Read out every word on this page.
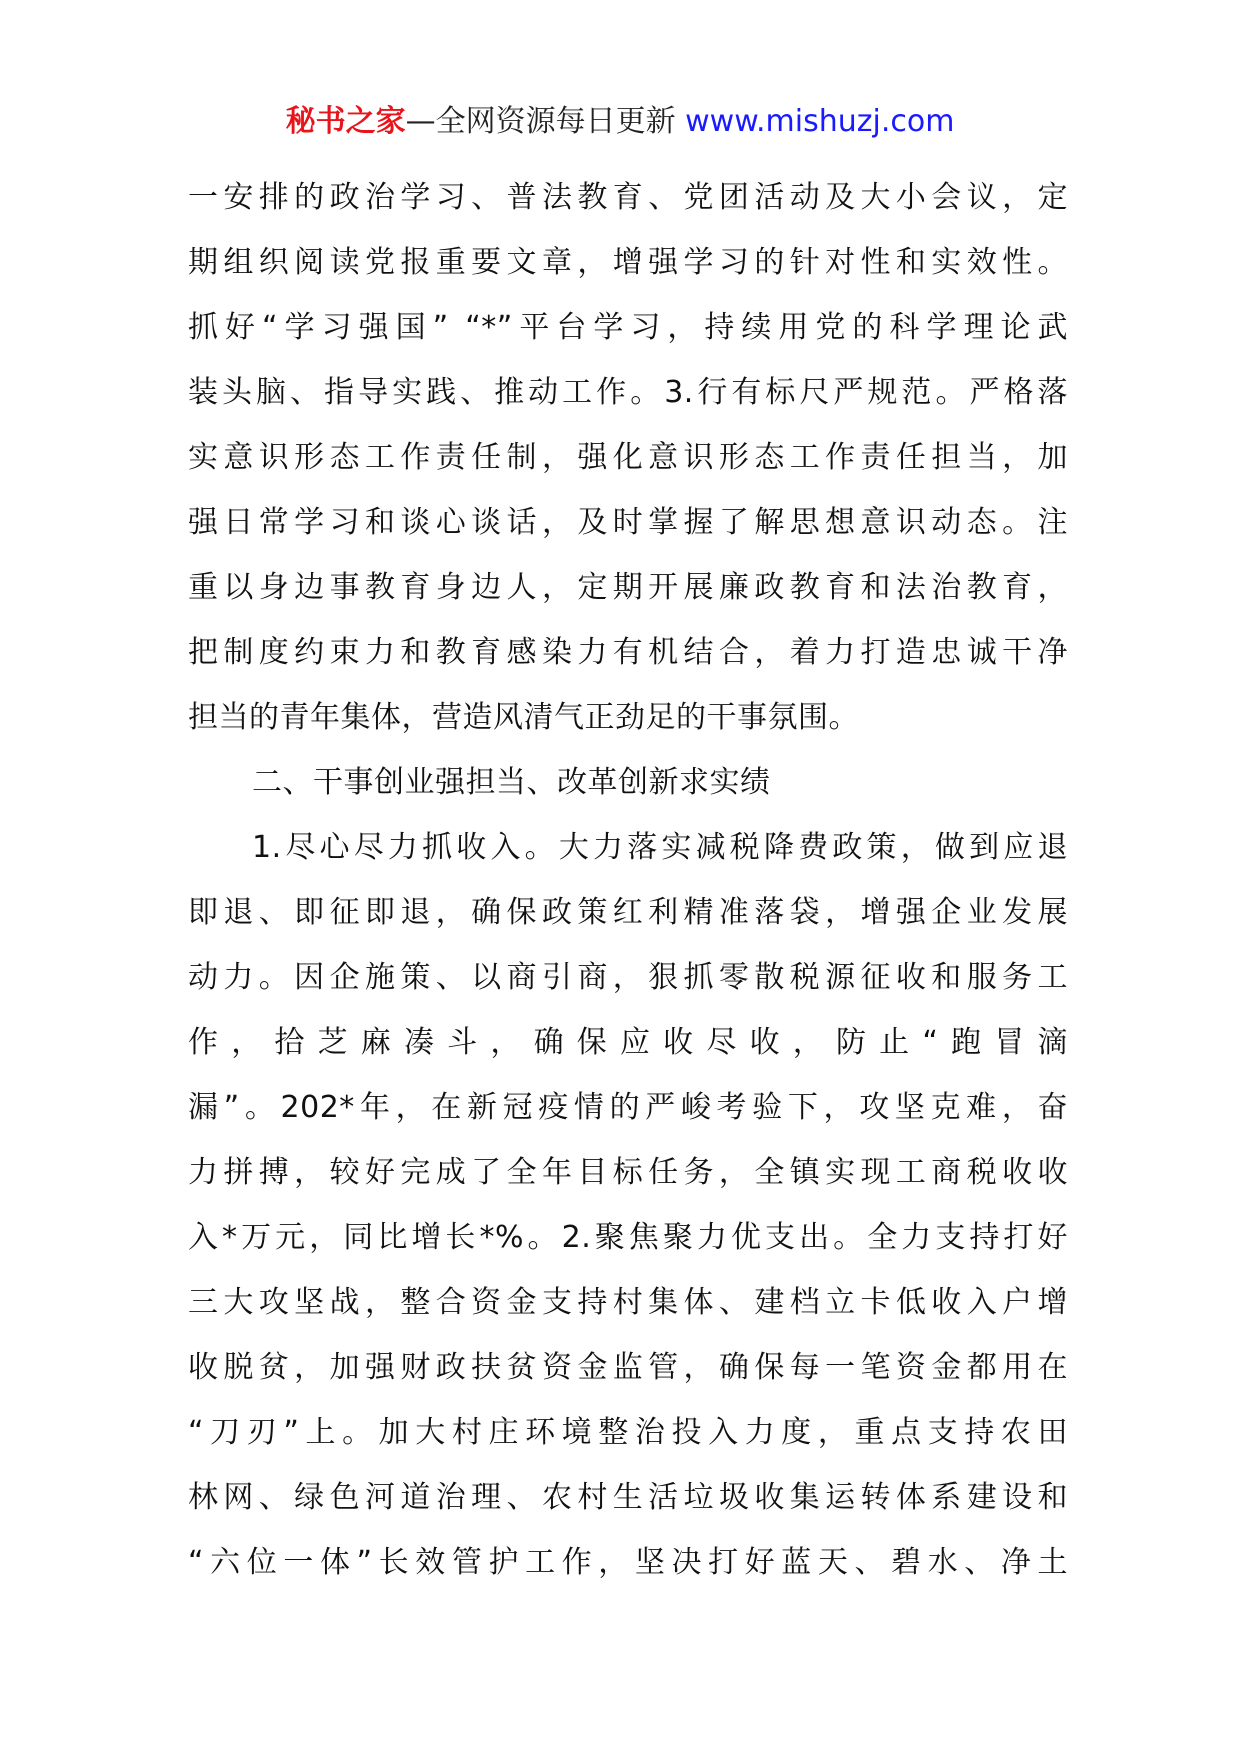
秘书之家—全网资源每日更新 www.mishuzj.com
一安排的政治学习、普法教育、党团活动及大小会议，定
期组织阅读党报重要文章，增强学习的针对性和实效性。
抓好“学习强国” “*”平台学习，持续用党的科学理论武
装头脑、指导实践、推动工作。3.行有标尺严规范。严格落
实意识形态工作责任制，强化意识形态工作责任担当，加
强日常学习和谈心谈话，及时掌握了解思想意识动态。注
重以身边事教育身边人，定期开展廉政教育和法治教育，
把制度约束力和教育感染力有机结合，着力打造忠诚干净
担当的青年集体，营造风清气正劲足的干事氛围。
二、干事创业强担当、改革创新求实绩
1.尽心尽力抓收入。大力落实减税降费政策，做到应退
即退、即征即退，确保政策红利精准落袋，增强企业发展
动力。因企施策、以商引商，狠抓零散税源征收和服务工
作，拾芝麻凑斗，确保应收尽收，防止“跑冒滴
漏”。202*年，在新冠疫情的严峻考验下，攻坚克难，奋
力拼搏，较好完成了全年目标任务，全镇实现工商税收收
入*万元，同比增长*%。2.聚焦聚力优支出。全力支持打好
三大攻坚战，整合资金支持村集体、建档立卡低收入户增
收脱贫，加强财政扶贫资金监管，确保每一笔资金都用在
“刀刃”上。加大村庄环境整治投入力度，重点支持农田
林网、绿色河道治理、农村生活垃圾收集运转体系建设和
“六位一体”长效管护工作，坚决打好蓝天、碧水、净土
